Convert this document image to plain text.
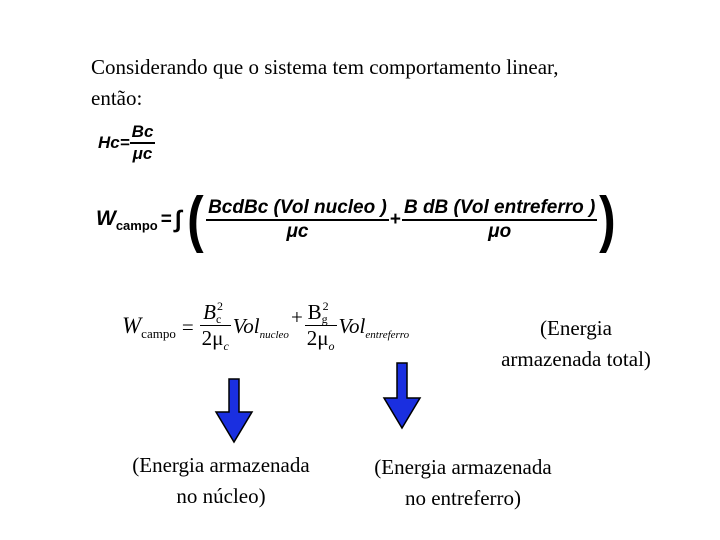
Considerando que o sistema tem comportamento linear,
então:
$Hc= \frac{Bc}{\mu c}$
$W_{campo}$ = ∫ ( $\frac{\text{BcdBc (Vol nucleo )}}{\mu c} + \frac{\text{B dB (Vol entreferro )}}{\mu o}$ )
$W_{campo} = \frac{B^2c}{2\mu_c} Vol_{nucleo}$
+ $\frac{B^2g}{2\mu_o} Vol_{entreferro}$	(Energia
armazenada total)
(Energia armazenada
no núcleo)
(Energia armazenada
no entreferro)
